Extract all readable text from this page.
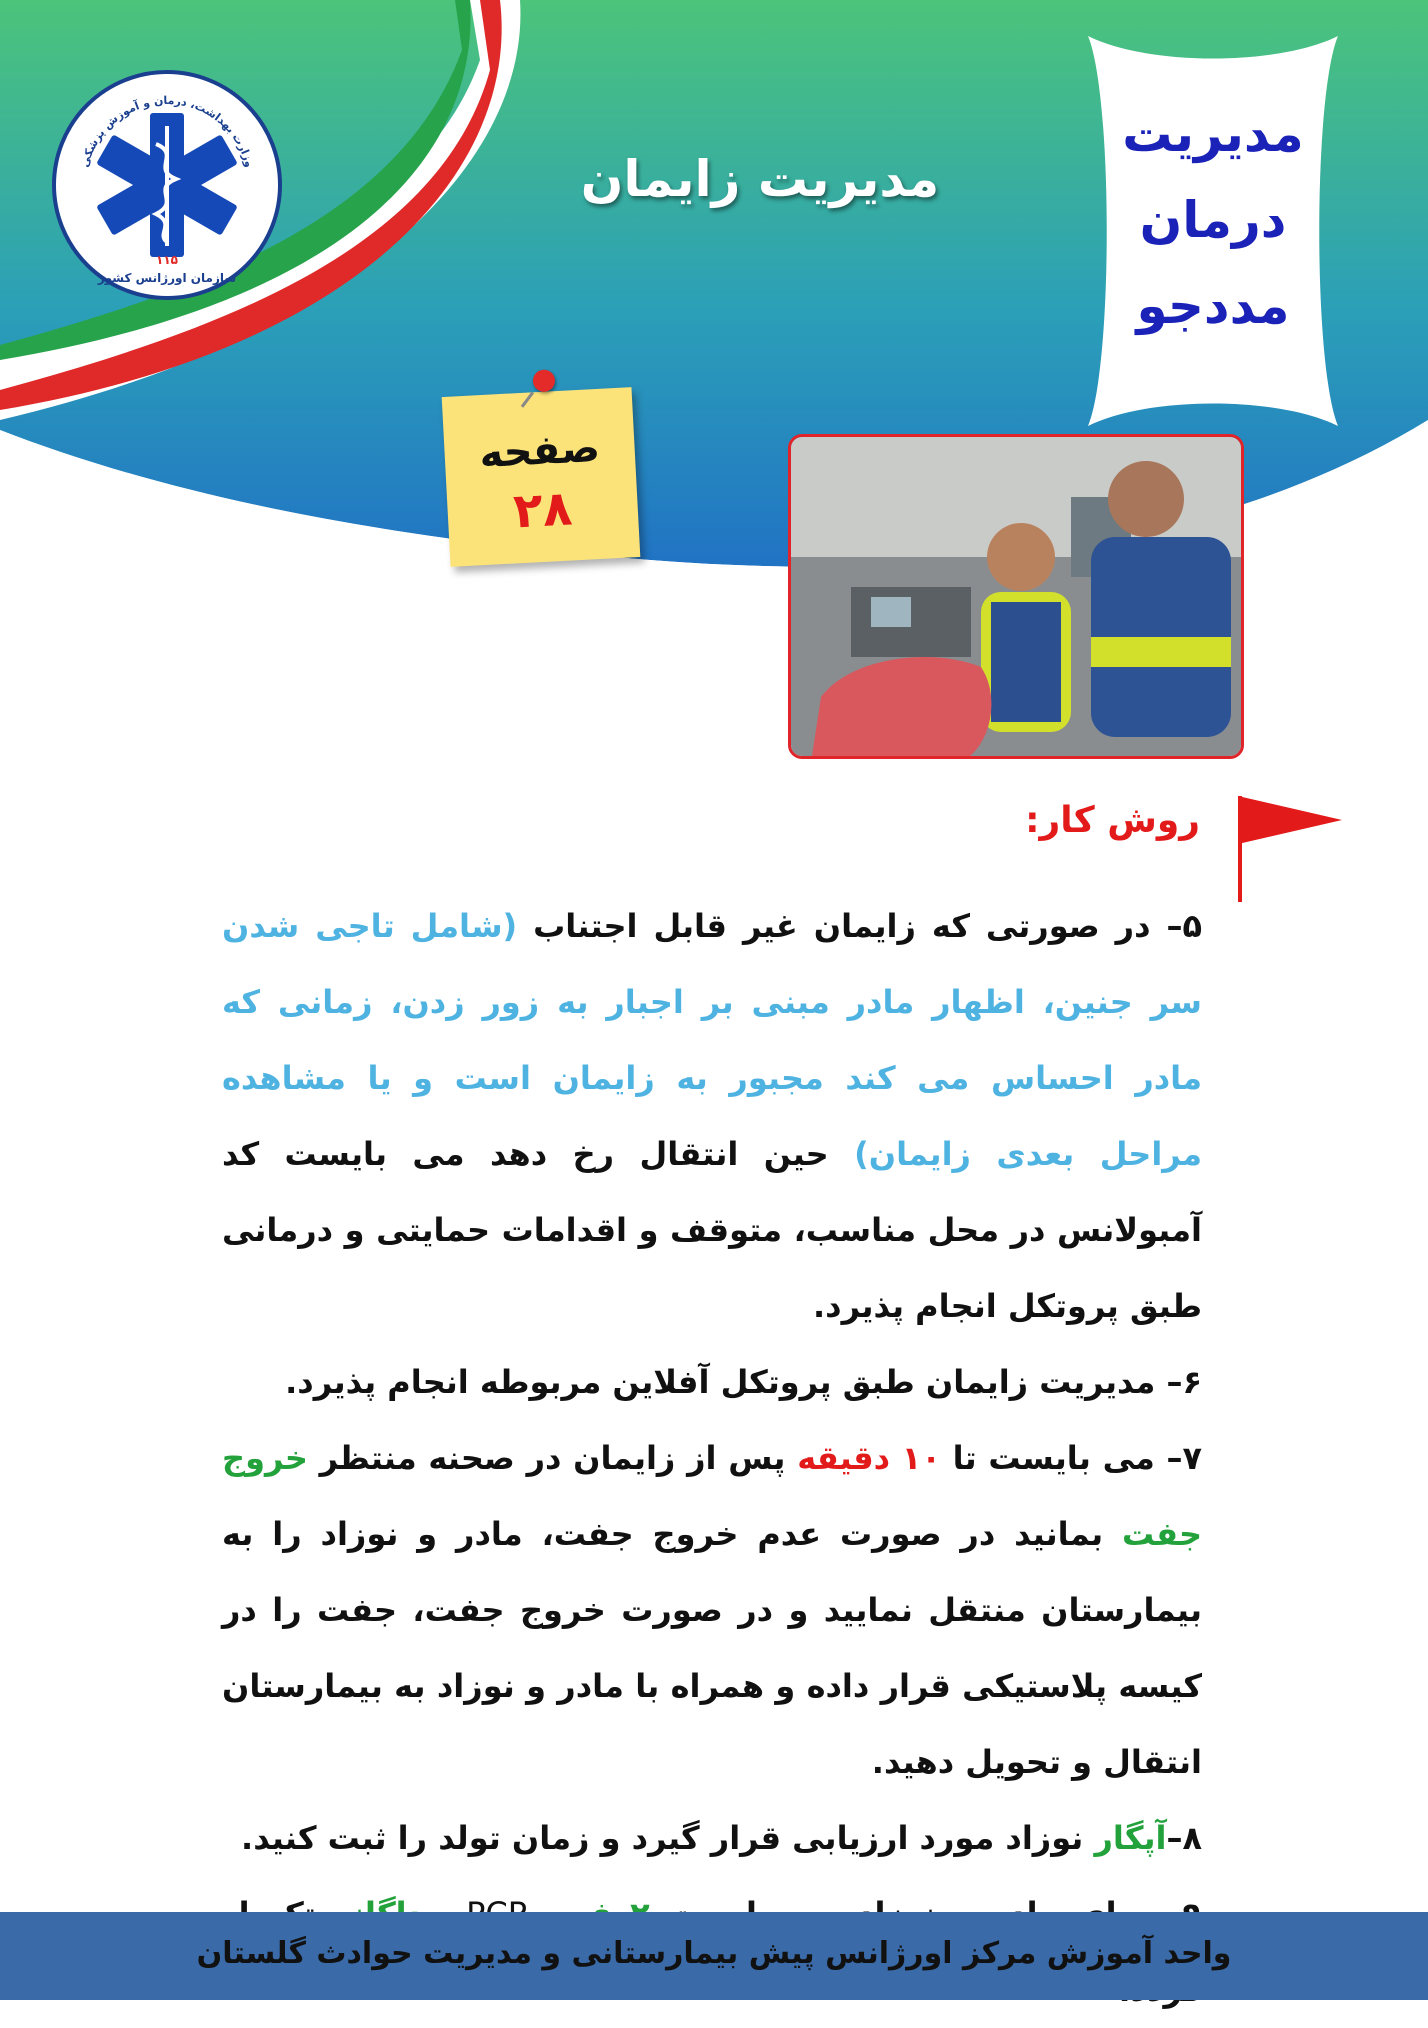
وزارت بهداشت، درمان و آموزش پزشکی
۱۱۵
سازمان اورژانس کشور
مدیریت زایمان
مدیریت
درمان
مددجو
صفحه
۲۸
روش کار:

۵– در صورتی که زایمان غیر قابل اجتناب (شامل تاجی شدن سر جنین، اظهار مادر مبنی بر اجبار به زور زدن، زمانی که مادر احساس می کند مجبور به زایمان است و یا مشاهده مراحل بعدی زایمان) حین انتقال رخ دهد می بایست کد آمبولانس در محل مناسب، متوقف و اقدامات حمایتی و درمانی طبق پروتکل انجام پذیرد.

۶– مدیریت زایمان طبق پروتکل آفلاین مربوطه انجام پذیرد.

۷– می بایست تا ۱۰ دقیقه پس از زایمان در صحنه منتظر خروج جفت بمانید در صورت عدم خروج جفت، مادر و نوزاد را به بیمارستان منتقل نمایید و در صورت خروج جفت، جفت را در کیسه پلاستیکی قرار داده و همراه با مادر و نوزاد به بیمارستان انتقال و تحویل دهید.

۸–آپگار نوزاد مورد ارزیابی قرار گیرد و زمان تولد را ثبت کنید.

واحد آموزش مرکز اورژانس پیش بیمارستانی و مدیریت حوادث گلستان
